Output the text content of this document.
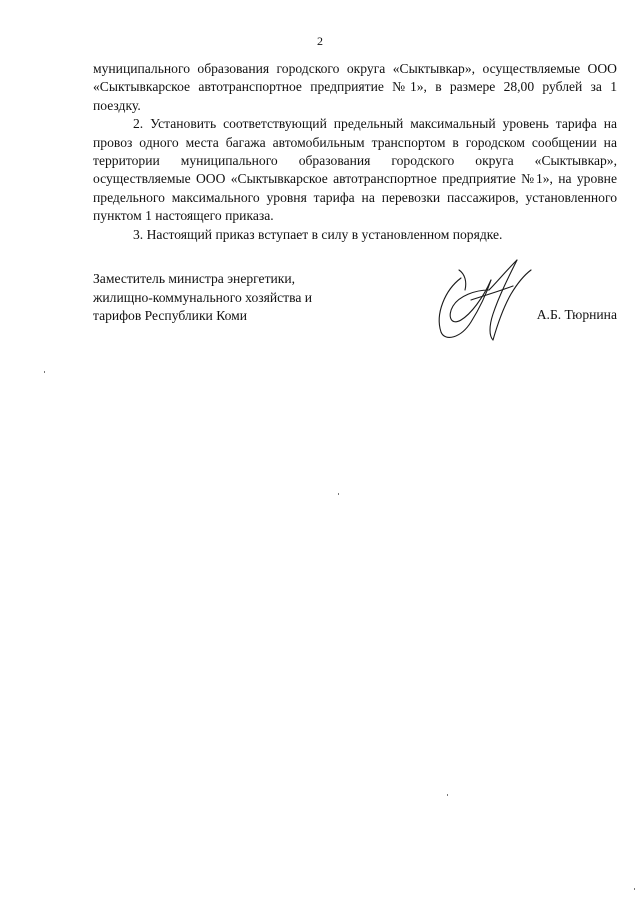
2

муниципального образования городского округа «Сыктывкар», осуществляемые ООО «Сыктывкарское автотранспортное предприятие №1», в размере 28,00 рублей за 1 поездку.

2. Установить соответствующий предельный максимальный уровень тарифа на провоз одного места багажа автомобильным транспортом в городском сообщении на территории муниципального образования городского округа «Сыктывкар», осуществляемые ООО «Сыктывкарское автотранспортное предприятие №1», на уровне предельного максимального уровня тарифа на перевозки пассажиров, установленного пунктом 1 настоящего приказа.

3. Настоящий приказ вступает в силу в установленном порядке.

Заместитель министра энергетики,
жилищно-коммунального хозяйства и
тарифов Республики Коми	А.Б. Тюрнина
